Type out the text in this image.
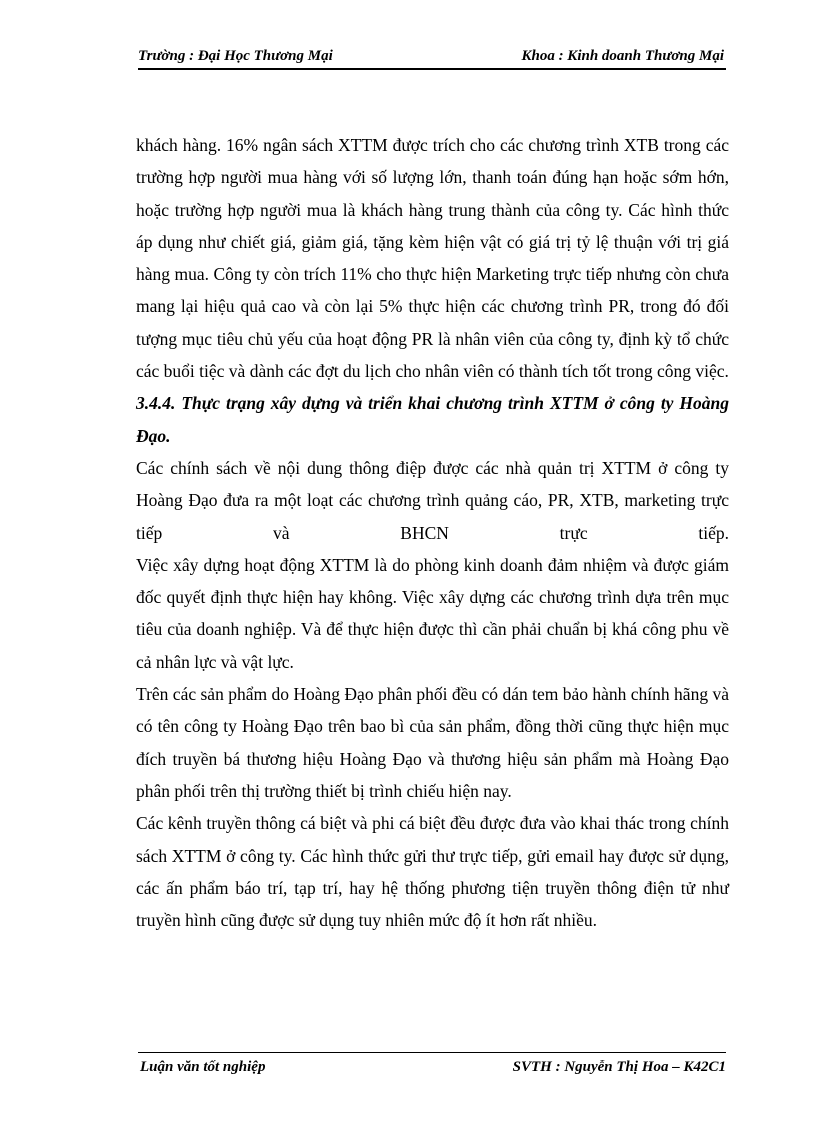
Trường : Đại Học Thương Mại	Khoa : Kinh doanh Thương Mại

khách hàng. 16% ngân sách XTTM được trích cho các chương trình XTB trong các trường hợp người mua hàng với số lượng lớn, thanh toán đúng hạn hoặc sớm hớn, hoặc trường hợp người mua là khách hàng trung thành của công ty. Các hình thức áp dụng như chiết giá, giảm giá, tặng kèm hiện vật có giá trị tỷ lệ thuận với trị giá hàng mua. Công ty còn trích 11% cho thực hiện Marketing trực tiếp nhưng còn chưa mang lại hiệu quả cao và còn lại 5% thực hiện các chương trình PR, trong đó đối tượng mục tiêu chủ yếu của hoạt động PR là nhân viên của công ty, định kỳ tổ chức các buổi tiệc và dành các đợt du lịch cho nhân viên có thành tích tốt trong công việc.

3.4.4. Thực trạng xây dựng và triển khai chương trình XTTM ở công ty Hoàng Đạo.

Các chính sách về nội dung thông điệp được các nhà quản trị XTTM ở công ty Hoàng Đạo đưa ra một loạt các chương trình quảng cáo, PR, XTB, marketing trực tiếp và BHCN trực tiếp.

Việc xây dựng hoạt động XTTM là do phòng kinh doanh đảm nhiệm và được giám đốc quyết định thực hiện hay không. Việc xây dựng các chương trình dựa trên mục tiêu của doanh nghiệp. Và để thực hiện được thì cần phải chuẩn bị khá công phu về cả nhân lực và vật lực.

Trên các sản phẩm do Hoàng Đạo phân phối đều có dán tem bảo hành chính hãng và có tên công ty Hoàng Đạo trên bao bì của sản phẩm, đồng thời cũng thực hiện mục đích truyền bá thương hiệu Hoàng Đạo và thương hiệu sản phẩm mà Hoàng Đạo phân phối trên thị trường thiết bị trình chiếu hiện nay.

Các kênh truyền thông cá biệt và phi cá biệt đều được đưa vào khai thác trong chính sách XTTM ở công ty. Các hình thức gửi thư trực tiếp, gửi email hay được sử dụng, các ấn phẩm báo trí, tạp trí, hay hệ thống phương tiện truyền thông điện tử như truyền hình cũng được sử dụng tuy nhiên mức độ ít hơn rất nhiều.

Luận văn tốt nghiệp	SVTH : Nguyễn Thị Hoa – K42C1
